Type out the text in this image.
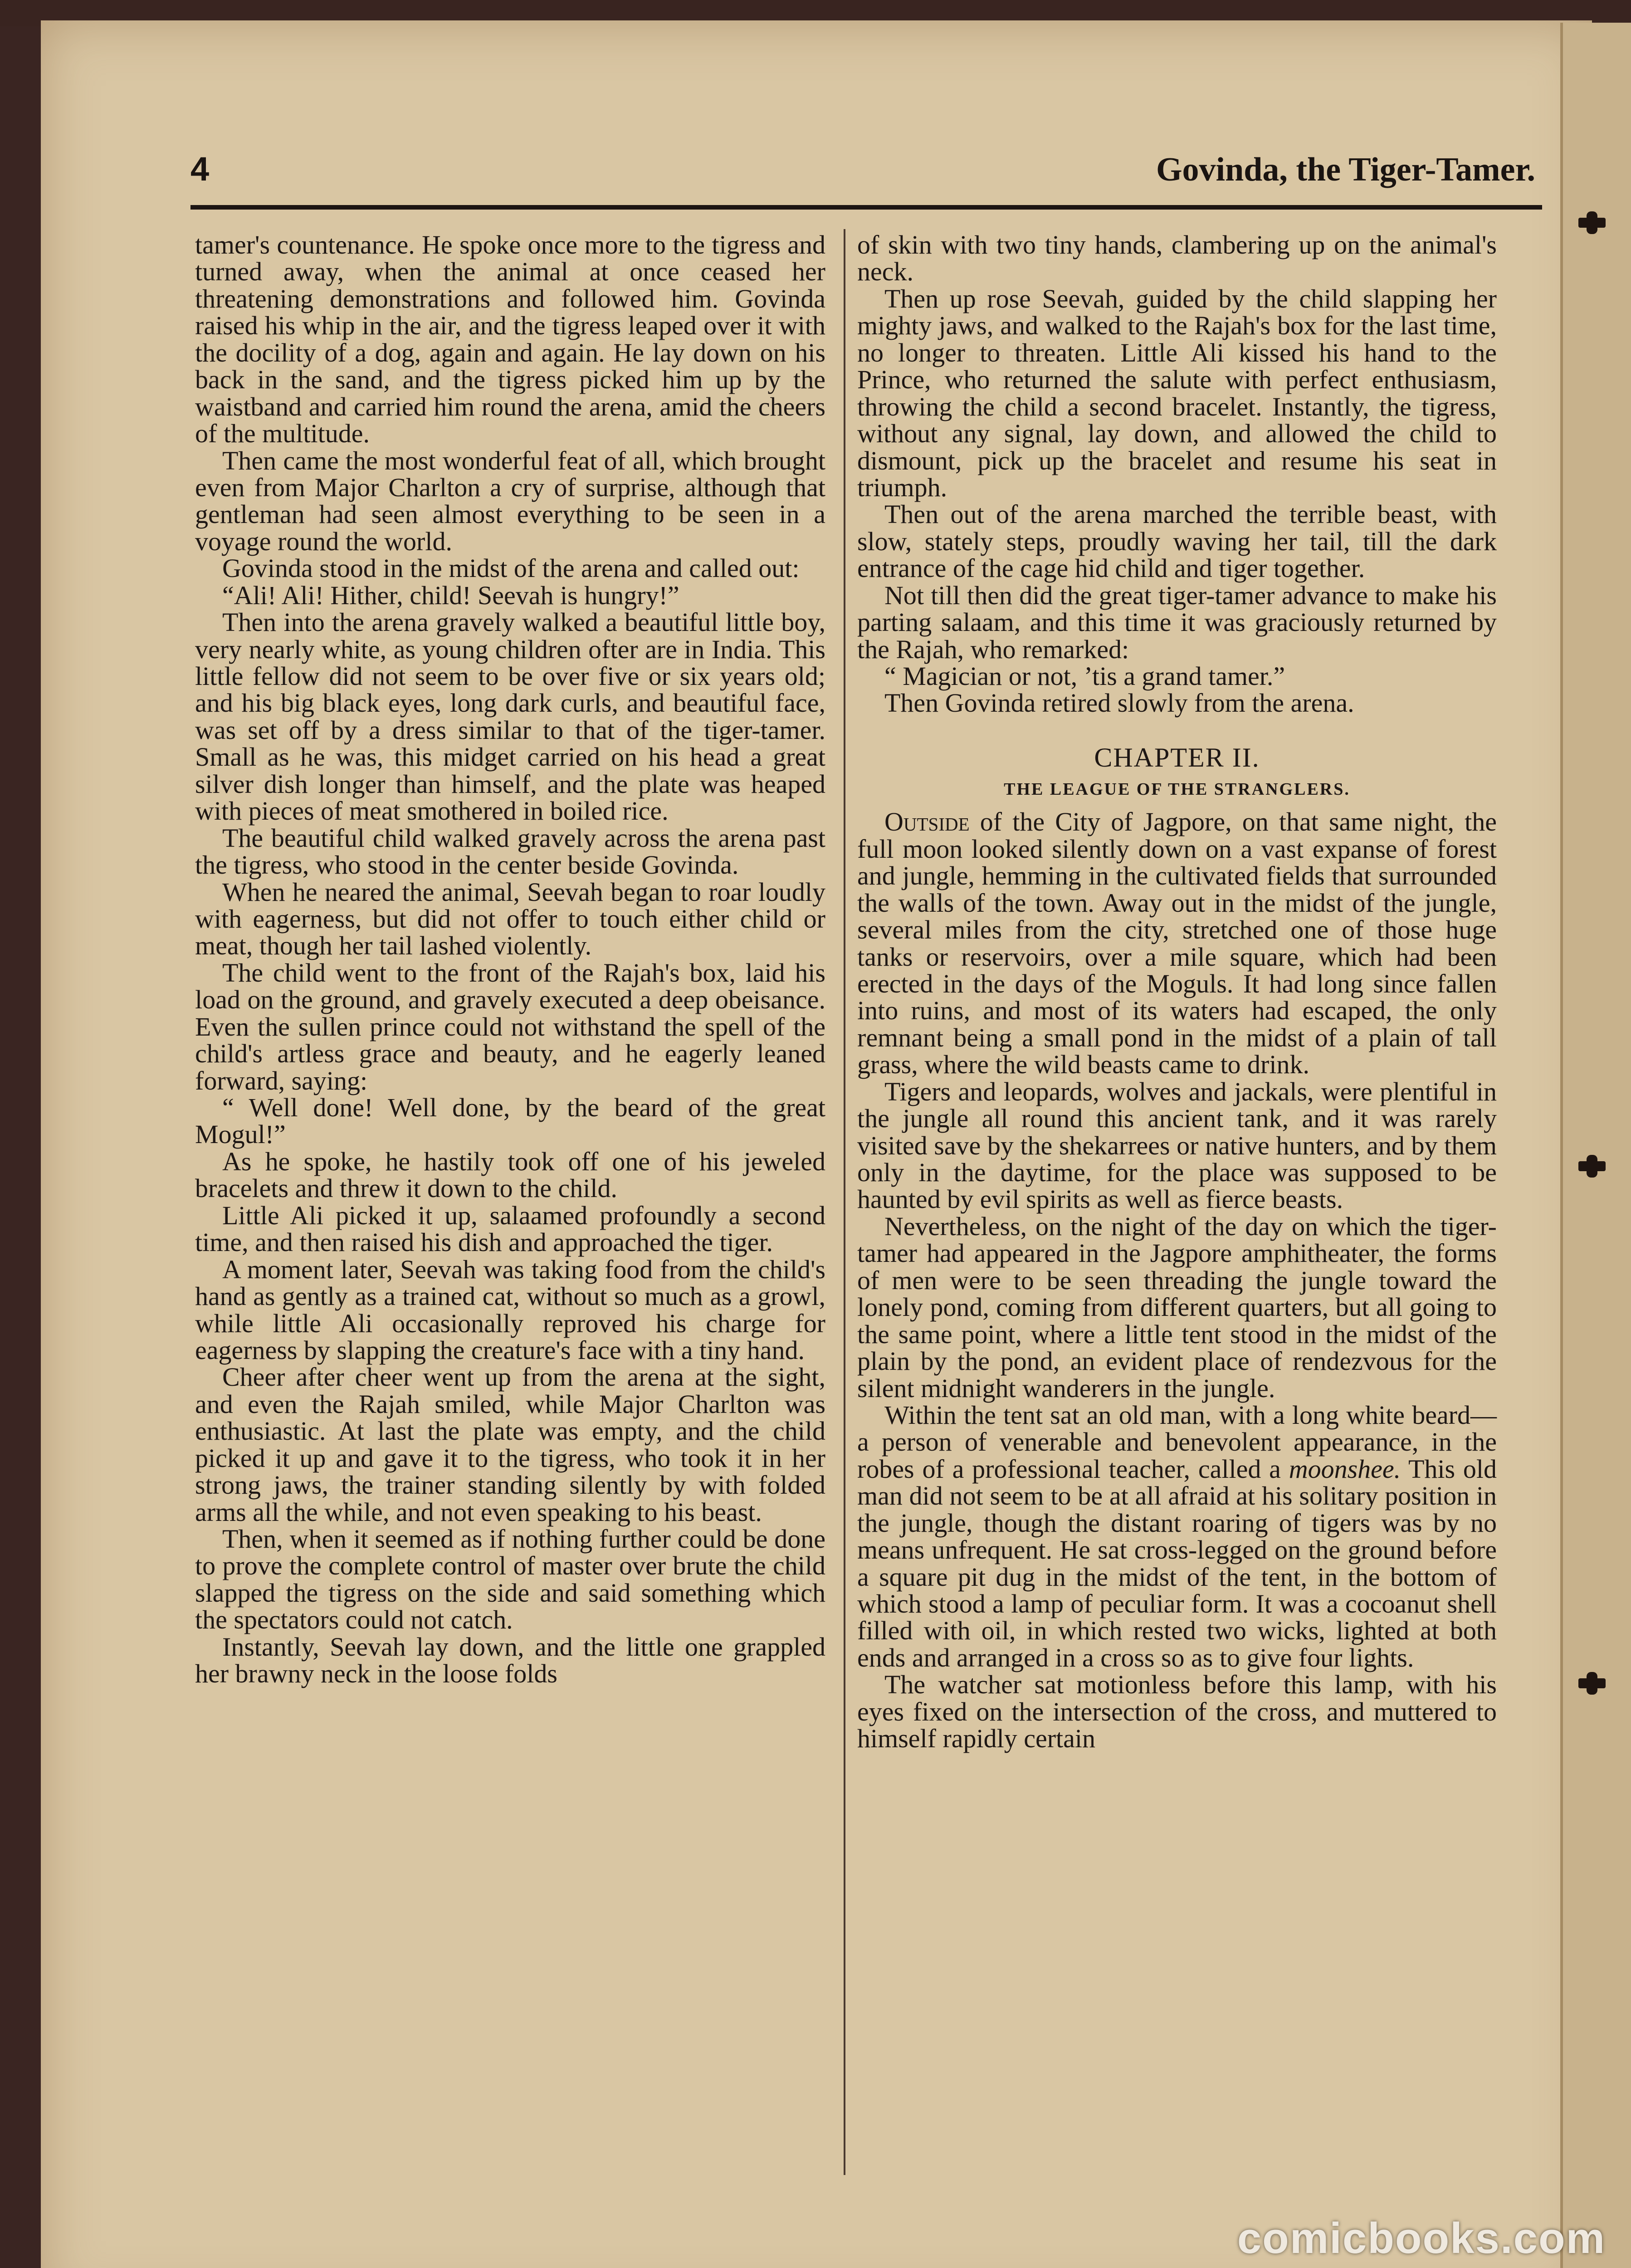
4	Govinda, the Tiger-Tamer.

tamer's countenance. He spoke once more to the tigress and turned away, when the animal at once ceased her threatening demonstrations and followed him. Govinda raised his whip in the air, and the tigress leaped over it with the docility of a dog, again and again. He lay down on his back in the sand, and the tigress picked him up by the waistband and carried him round the arena, amid the cheers of the multitude.

Then came the most wonderful feat of all, which brought even from Major Charlton a cry of surprise, although that gentleman had seen almost everything to be seen in a voyage round the world.

Govinda stood in the midst of the arena and called out:

“Ali! Ali! Hither, child! Seevah is hungry!”

Then into the arena gravely walked a beautiful little boy, very nearly white, as young children ofter are in India. This little fellow did not seem to be over five or six years old; and his big black eyes, long dark curls, and beautiful face, was set off by a dress similar to that of the tiger-tamer. Small as he was, this midget carried on his head a great silver dish longer than himself, and the plate was heaped with pieces of meat smothered in boiled rice.

The beautiful child walked gravely across the arena past the tigress, who stood in the center beside Govinda.

When he neared the animal, Seevah began to roar loudly with eagerness, but did not offer to touch either child or meat, though her tail lashed violently.

The child went to the front of the Rajah's box, laid his load on the ground, and gravely executed a deep obeisance. Even the sullen prince could not withstand the spell of the child's artless grace and beauty, and he eagerly leaned forward, saying:

“ Well done! Well done, by the beard of the great Mogul!”

As he spoke, he hastily took off one of his jeweled bracelets and threw it down to the child.

Little Ali picked it up, salaamed profoundly a second time, and then raised his dish and approached the tiger.

A moment later, Seevah was taking food from the child's hand as gently as a trained cat, without so much as a growl, while little Ali occasionally reproved his charge for eagerness by slapping the creature's face with a tiny hand.

Cheer after cheer went up from the arena at the sight, and even the Rajah smiled, while Major Charlton was enthusiastic. At last the plate was empty, and the child picked it up and gave it to the tigress, who took it in her strong jaws, the trainer standing silently by with folded arms all the while, and not even speaking to his beast.

Then, when it seemed as if nothing further could be done to prove the complete control of master over brute the child slapped the tigress on the side and said something which the spectators could not catch.

Instantly, Seevah lay down, and the little one grappled her brawny neck in the loose folds

of skin with two tiny hands, clambering up on the animal's neck.

Then up rose Seevah, guided by the child slapping her mighty jaws, and walked to the Rajah's box for the last time, no longer to threaten. Little Ali kissed his hand to the Prince, who returned the salute with perfect enthusiasm, throwing the child a second bracelet. Instantly, the tigress, without any signal, lay down, and allowed the child to dismount, pick up the bracelet and resume his seat in triumph.

Then out of the arena marched the terrible beast, with slow, stately steps, proudly waving her tail, till the dark entrance of the cage hid child and tiger together.

Not till then did the great tiger-tamer advance to make his parting salaam, and this time it was graciously returned by the Rajah, who remarked:

“ Magician or not, ’tis a grand tamer.”

Then Govinda retired slowly from the arena.

CHAPTER II.
THE LEAGUE OF THE STRANGLERS.

Outside of the City of Jagpore, on that same night, the full moon looked silently down on a vast expanse of forest and jungle, hemming in the cultivated fields that surrounded the walls of the town. Away out in the midst of the jungle, several miles from the city, stretched one of those huge tanks or reservoirs, over a mile square, which had been erected in the days of the Moguls. It had long since fallen into ruins, and most of its waters had escaped, the only remnant being a small pond in the midst of a plain of tall grass, where the wild beasts came to drink.

Tigers and leopards, wolves and jackals, were plentiful in the jungle all round this ancient tank, and it was rarely visited save by the shekarrees or native hunters, and by them only in the daytime, for the place was supposed to be haunted by evil spirits as well as fierce beasts.

Nevertheless, on the night of the day on which the tiger-tamer had appeared in the Jagpore amphitheater, the forms of men were to be seen threading the jungle toward the lonely pond, coming from different quarters, but all going to the same point, where a little tent stood in the midst of the plain by the pond, an evident place of rendezvous for the silent midnight wanderers in the jungle.

Within the tent sat an old man, with a long white beard—a person of venerable and benevolent appearance, in the robes of a professional teacher, called a moonshee. This old man did not seem to be at all afraid at his solitary position in the jungle, though the distant roaring of tigers was by no means unfrequent. He sat cross-legged on the ground before a square pit dug in the midst of the tent, in the bottom of which stood a lamp of peculiar form. It was a cocoanut shell filled with oil, in which rested two wicks, lighted at both ends and arranged in a cross so as to give four lights.

The watcher sat motionless before this lamp, with his eyes fixed on the intersection of the cross, and muttered to himself rapidly certain

comicbooks.com
